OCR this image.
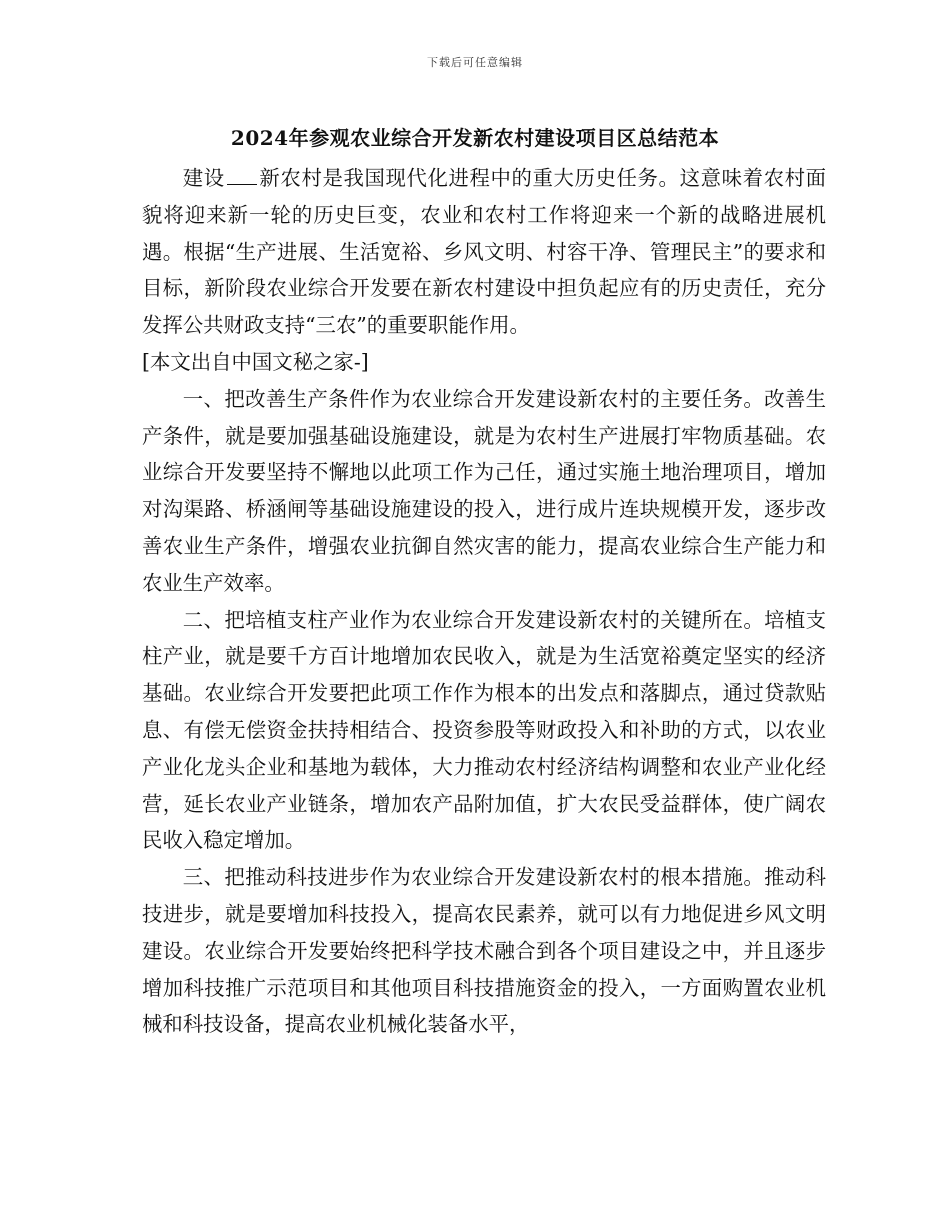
下载后可任意编辑
2024年参观农业综合开发新农村建设项目区总结范本

建设 新农村是我国现代化进程中的重大历史任务。这意味着农村面貌将迎来新一轮的历史巨变，农业和农村工作将迎来一个新的战略进展机遇。根据“生产进展、生活宽裕、乡风文明、村容干净、管理民主”的要求和目标，新阶段农业综合开发要在新农村建设中担负起应有的历史责任，充分发挥公共财政支持“三农”的重要职能作用。

[本文出自中国文秘之家-]

一、把改善生产条件作为农业综合开发建设新农村的主要任务。改善生产条件，就是要加强基础设施建设，就是为农村生产进展打牢物质基础。农业综合开发要坚持不懈地以此项工作为己任，通过实施土地治理项目，增加对沟渠路、桥涵闸等基础设施建设的投入，进行成片连块规模开发，逐步改善农业生产条件，增强农业抗御自然灾害的能力，提高农业综合生产能力和农业生产效率。

二、把培植支柱产业作为农业综合开发建设新农村的关键所在。培植支柱产业，就是要千方百计地增加农民收入，就是为生活宽裕奠定坚实的经济基础。农业综合开发要把此项工作作为根本的出发点和落脚点，通过贷款贴息、有偿无偿资金扶持相结合、投资参股等财政投入和补助的方式，以农业产业化龙头企业和基地为载体，大力推动农村经济结构调整和农业产业化经营，延长农业产业链条，增加农产品附加值，扩大农民受益群体，使广阔农民收入稳定增加。

三、把推动科技进步作为农业综合开发建设新农村的根本措施。推动科技进步，就是要增加科技投入，提高农民素养，就可以有力地促进乡风文明建设。农业综合开发要始终把科学技术融合到各个项目建设之中，并且逐步增加科技推广示范项目和其他项目科技措施资金的投入，一方面购置农业机械和科技设备，提高农业机械化装备水平，
